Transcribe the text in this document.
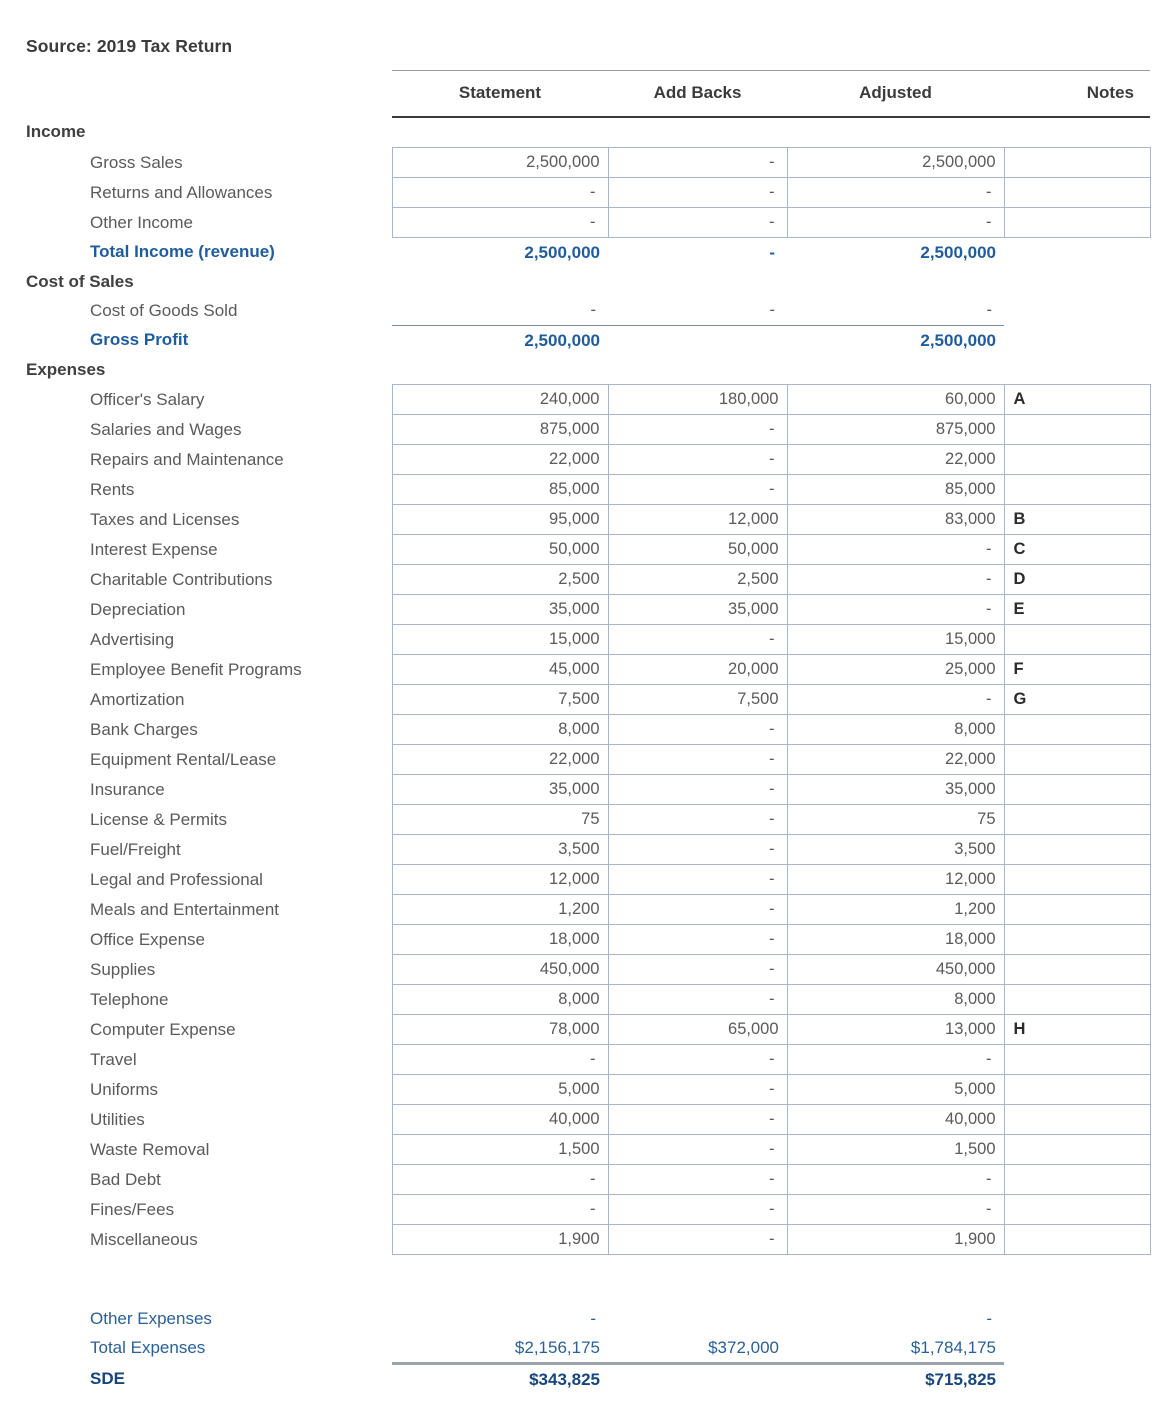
Source: 2019 Tax Return
	Statement	Add Backs	Adjusted	Notes
Income				
Gross Sales	2,500,000	-	2,500,000	
Returns and Allowances	-	-	-	
Other Income	-	-	-	
Total Income (revenue)	2,500,000	-	2,500,000	
Cost of Sales				
Cost of Goods Sold	-	-	-	
Gross Profit	2,500,000		2,500,000	
Expenses				
Officer's Salary	240,000	180,000	60,000	A
Salaries and Wages	875,000	-	875,000	
Repairs and Maintenance	22,000	-	22,000	
Rents	85,000	-	85,000	
Taxes and Licenses	95,000	12,000	83,000	B
Interest Expense	50,000	50,000	-	C
Charitable Contributions	2,500	2,500	-	D
Depreciation	35,000	35,000	-	E
Advertising	15,000	-	15,000	
Employee Benefit Programs	45,000	20,000	25,000	F
Amortization	7,500	7,500	-	G
Bank Charges	8,000	-	8,000	
Equipment Rental/Lease	22,000	-	22,000	
Insurance	35,000	-	35,000	
License & Permits	75	-	75	
Fuel/Freight	3,500	-	3,500	
Legal and Professional	12,000	-	12,000	
Meals and Entertainment	1,200	-	1,200	
Office Expense	18,000	-	18,000	
Supplies	450,000	-	450,000	
Telephone	8,000	-	8,000	
Computer Expense	78,000	65,000	13,000	H
Travel	-	-	-	
Uniforms	5,000	-	5,000	
Utilities	40,000	-	40,000	
Waste Removal	1,500	-	1,500	
Bad Debt	-	-	-	
Fines/Fees	-	-	-	
Miscellaneous	1,900	-	1,900	

Other Expenses	-		-	
Total Expenses	$2,156,175	$372,000	$1,784,175	
SDE	$343,825		$715,825	
